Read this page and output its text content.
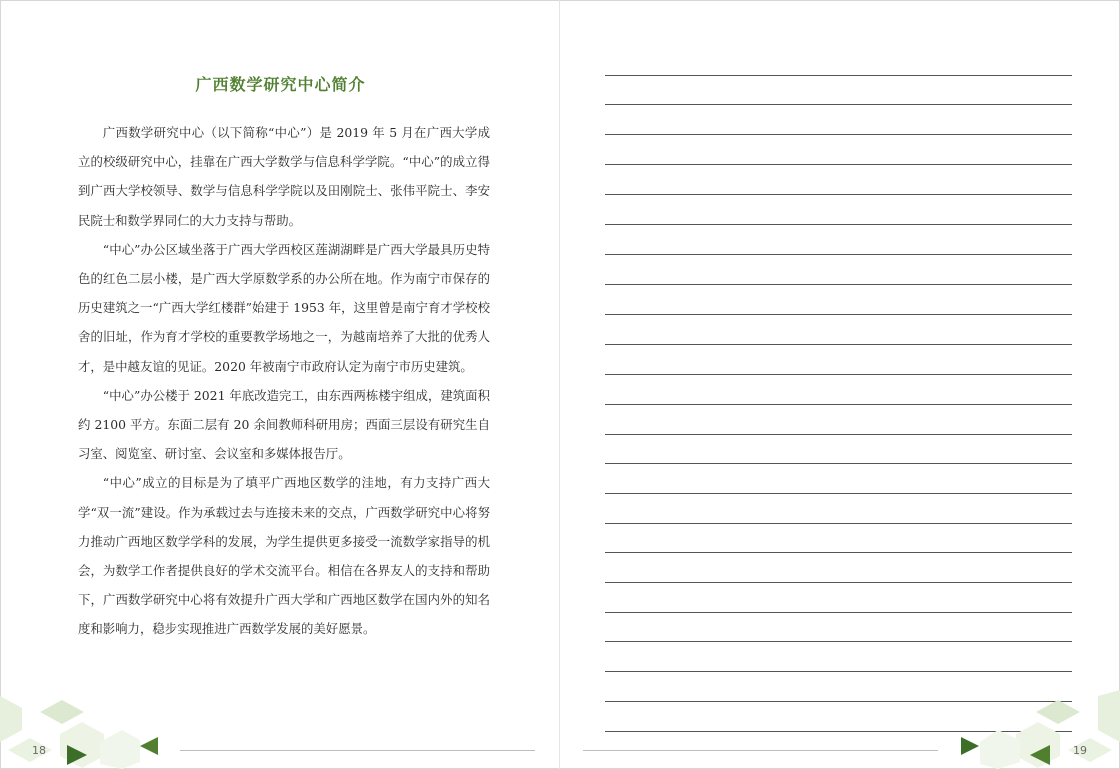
18
广西数学研究中心简介

广西数学研究中心（以下简称“中心”）是 2019 年 5 月在广西大学成立的校级研究中心，挂靠在广西大学数学与信息科学学院。“中心”的成立得到广西大学校领导、数学与信息科学学院以及田刚院士、张伟平院士、李安民院士和数学界同仁的大力支持与帮助。

“中心”办公区域坐落于广西大学西校区莲湖湖畔是广西大学最具历史特色的红色二层小楼，是广西大学原数学系的办公所在地。作为南宁市保存的历史建筑之一“广西大学红楼群”始建于 1953 年，这里曾是南宁育才学校校舍的旧址，作为育才学校的重要教学场地之一，为越南培养了大批的优秀人才，是中越友谊的见证。2020 年被南宁市政府认定为南宁市历史建筑。

“中心”办公楼于 2021 年底改造完工，由东西两栋楼宇组成，建筑面积约 2100 平方。东面二层有 20 余间教师科研用房；西面三层设有研究生自习室、阅览室、研讨室、会议室和多媒体报告厅。

“中心”成立的目标是为了填平广西地区数学的洼地，有力支持广西大学“双一流”建设。作为承载过去与连接未来的交点，广西数学研究中心将努力推动广西地区数学学科的发展，为学生提供更多接受一流数学家指导的机会，为数学工作者提供良好的学术交流平台。相信在各界友人的支持和帮助下，广西数学研究中心将有效提升广西大学和广西地区数学在国内外的知名度和影响力，稳步实现推进广西数学发展的美好愿景。

19
